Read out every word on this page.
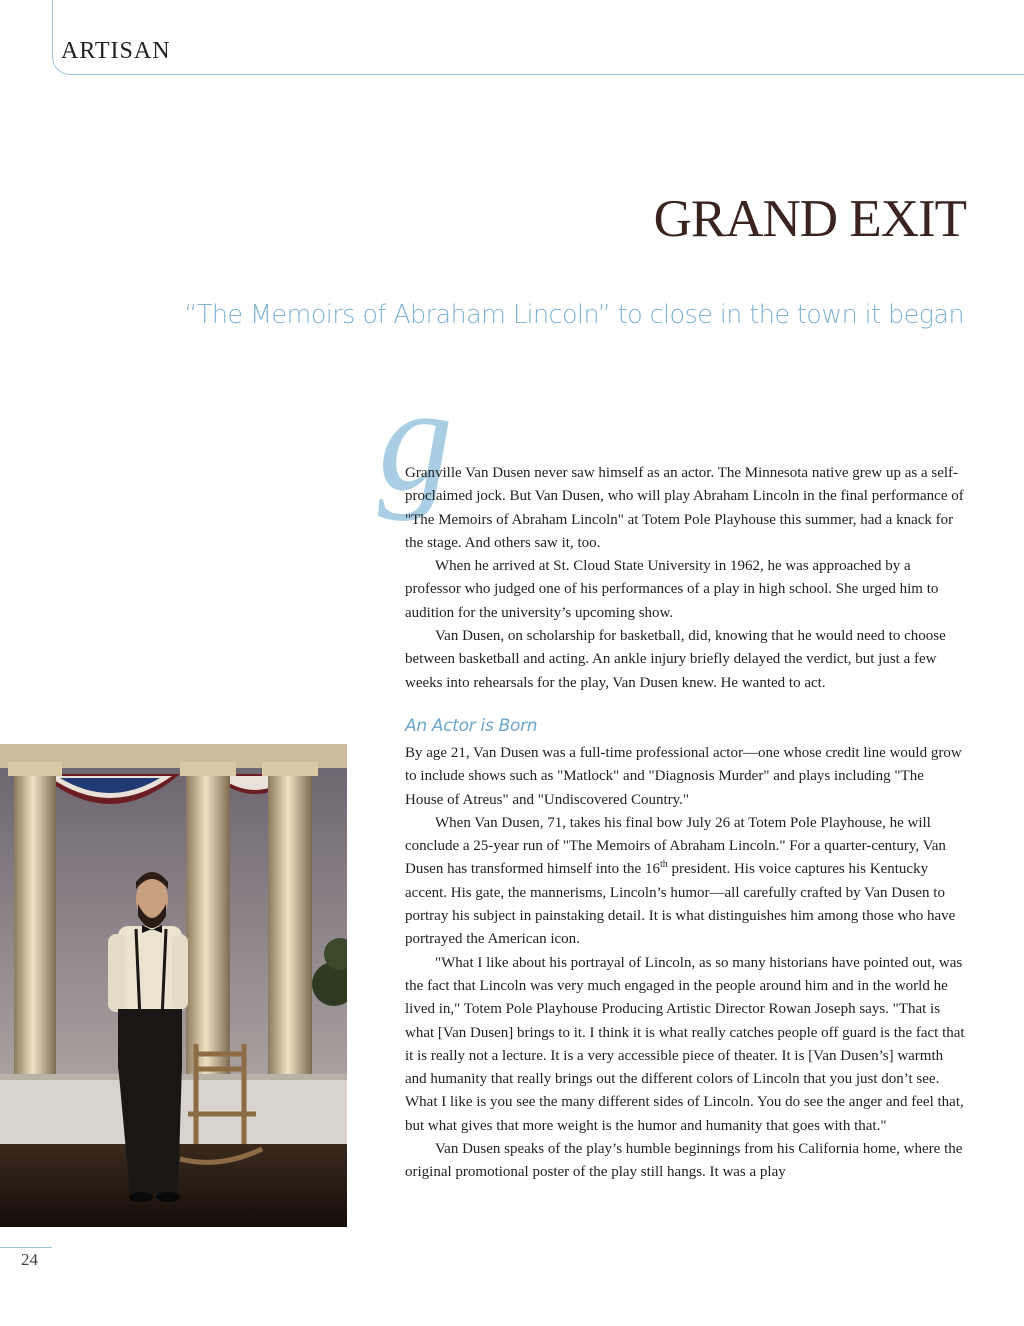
ARTISAN
GRAND EXIT
“The Memoirs of Abraham Lincoln” to close in the town it began
g

Granville Van Dusen never saw himself as an actor. The Minnesota native grew up as a self-proclaimed jock. But Van Dusen, who will play Abraham Lincoln in the final performance of "The Memoirs of Abraham Lincoln" at Totem Pole Playhouse this summer, had a knack for the stage. And others saw it, too.

When he arrived at St. Cloud State University in 1962, he was approached by a professor who judged one of his performances of a play in high school. She urged him to audition for the university’s upcoming show.

Van Dusen, on scholarship for basketball, did, knowing that he would need to choose between basketball and acting. An ankle injury briefly delayed the verdict, but just a few weeks into rehearsals for the play, Van Dusen knew. He wanted to act.

An Actor is Born

By age 21, Van Dusen was a full-time professional actor—one whose credit line would grow to include shows such as "Matlock" and "Diagnosis Murder" and plays including "The House of Atreus" and "Undiscovered Country."

When Van Dusen, 71, takes his final bow July 26 at Totem Pole Playhouse, he will conclude a 25-year run of "The Memoirs of Abraham Lincoln." For a quarter-century, Van Dusen has transformed himself into the 16th president. His voice captures his Kentucky accent. His gate, the mannerisms, Lincoln’s humor—all carefully crafted by Van Dusen to portray his subject in painstaking detail. It is what distinguishes him among those who have portrayed the American icon.

"What I like about his portrayal of Lincoln, as so many historians have pointed out, was the fact that Lincoln was very much engaged in the people around him and in the world he lived in," Totem Pole Playhouse Producing Artistic Director Rowan Joseph says. "That is what [Van Dusen] brings to it. I think it is what really catches people off guard is the fact that it is really not a lecture. It is a very accessible piece of theater. It is [Van Dusen’s] warmth and humanity that really brings out the different colors of Lincoln that you just don’t see. What I like is you see the many different sides of Lincoln. You do see the anger and feel that, but what gives that more weight is the humor and humanity that goes with that."

Van Dusen speaks of the play’s humble beginnings from his California home, where the original promotional poster of the play still hangs. It was a play

24
